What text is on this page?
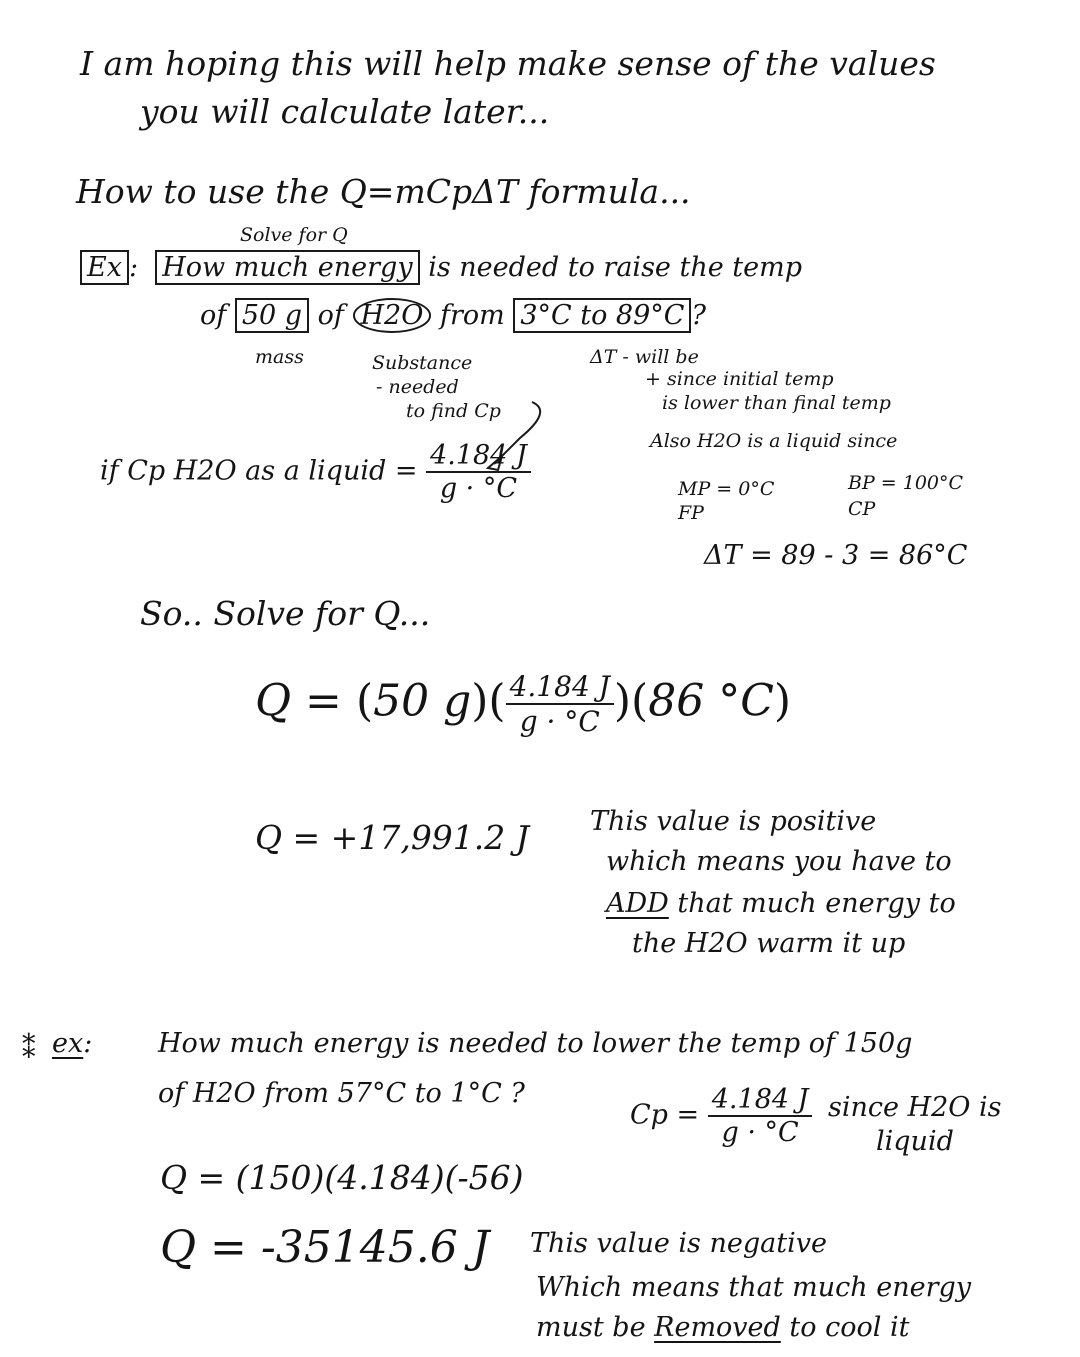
I am hoping this will help make sense of the values
you will calculate later...
How to use the Q=mCpΔT formula...
Solve for Q
Ex :  How much energy is needed to raise the temp
of 50 g of H2O from 3°C to 89°C ?
mass	Substance
- needed
to find Cp
ΔT - will be
+ since initial temp
is lower than final temp
if Cp H2O as a liquid = $\frac{4.184 J}{g \cdot ^\circ C}$	Also H2O is a liquid since
MP = 0°C
FP
BP = 100°C
CP
ΔT = 89 - 3 = 86°C
So.. Solve for Q...
Q = (50 $g)( \frac{4.184 J}{g \cdot ^\circ C} )(86$ °C)
Q = +17,991.2 J This value is positive
which means you have to
ADD that much energy to
the H2O warm it up
⁑ ex: How much energy is needed to lower the temp of 150g
of H2O from 57°C to 1°C ?
$Cp = \frac{4.184 J}{g \cdot ^\circ C}$ since H2O is
liquid
Q = (150)(4.184)(-56)
Q = -35145.6 J This value is negative
Which means that much energy
must be Removed to cool it
